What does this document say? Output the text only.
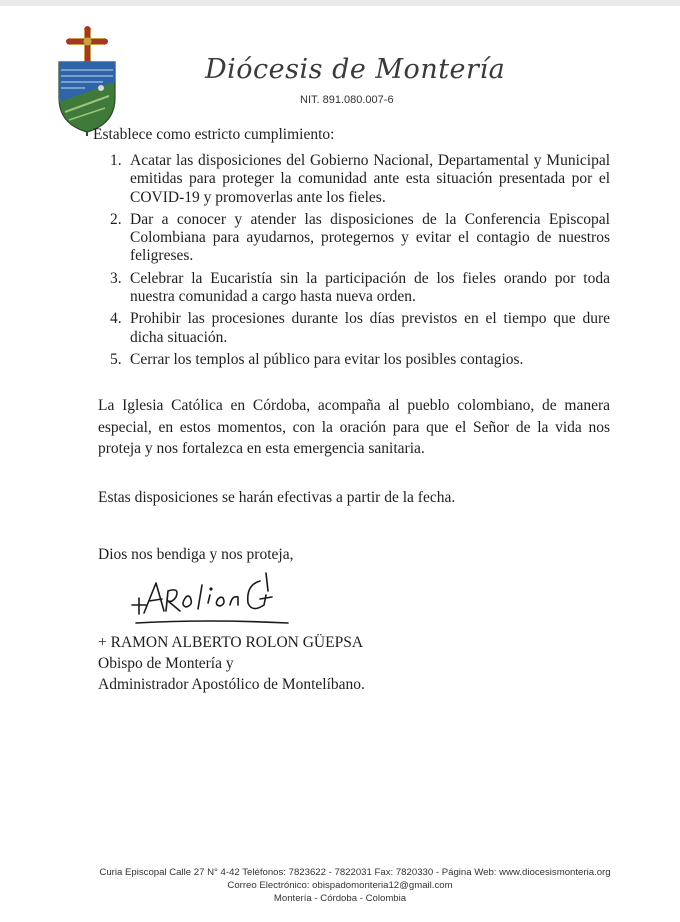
Diócesis de Montería
NIT. 891.080.007-6
Establece como estricto cumplimiento:
1. Acatar las disposiciones del Gobierno Nacional, Departamental y Municipal emitidas para proteger la comunidad ante esta situación presentada por el COVID-19 y promoverlas ante los fieles.
2. Dar a conocer y atender las disposiciones de la Conferencia Episcopal Colombiana para ayudarnos, protegernos y evitar el contagio de nuestros feligreses.
3. Celebrar la Eucaristía sin la participación de los fieles orando por toda nuestra comunidad a cargo hasta nueva orden.
4. Prohibir las procesiones durante los días previstos en el tiempo que dure dicha situación.
5. Cerrar los templos al público para evitar los posibles contagios.

La Iglesia Católica en Córdoba, acompaña al pueblo colombiano, de manera especial, en estos momentos, con la oración para que el Señor de la vida nos proteja y nos fortalezca en esta emergencia sanitaria.

Estas disposiciones se harán efectivas a partir de la fecha.

Dios nos bendiga y nos proteja,

+ RAMON ALBERTO ROLON GÜEPSA
Obispo de Montería y
Administrador Apostólico de Montelíbano.
Curia Episcopal Calle 27 N° 4-42 Teléfonos: 7823622 - 7822031 Fax: 7820330 - Página Web: www.diocesismonteria.org
Correo Electrónico: obispadomonteria12@gmail.com
Montería - Córdoba - Colombia
